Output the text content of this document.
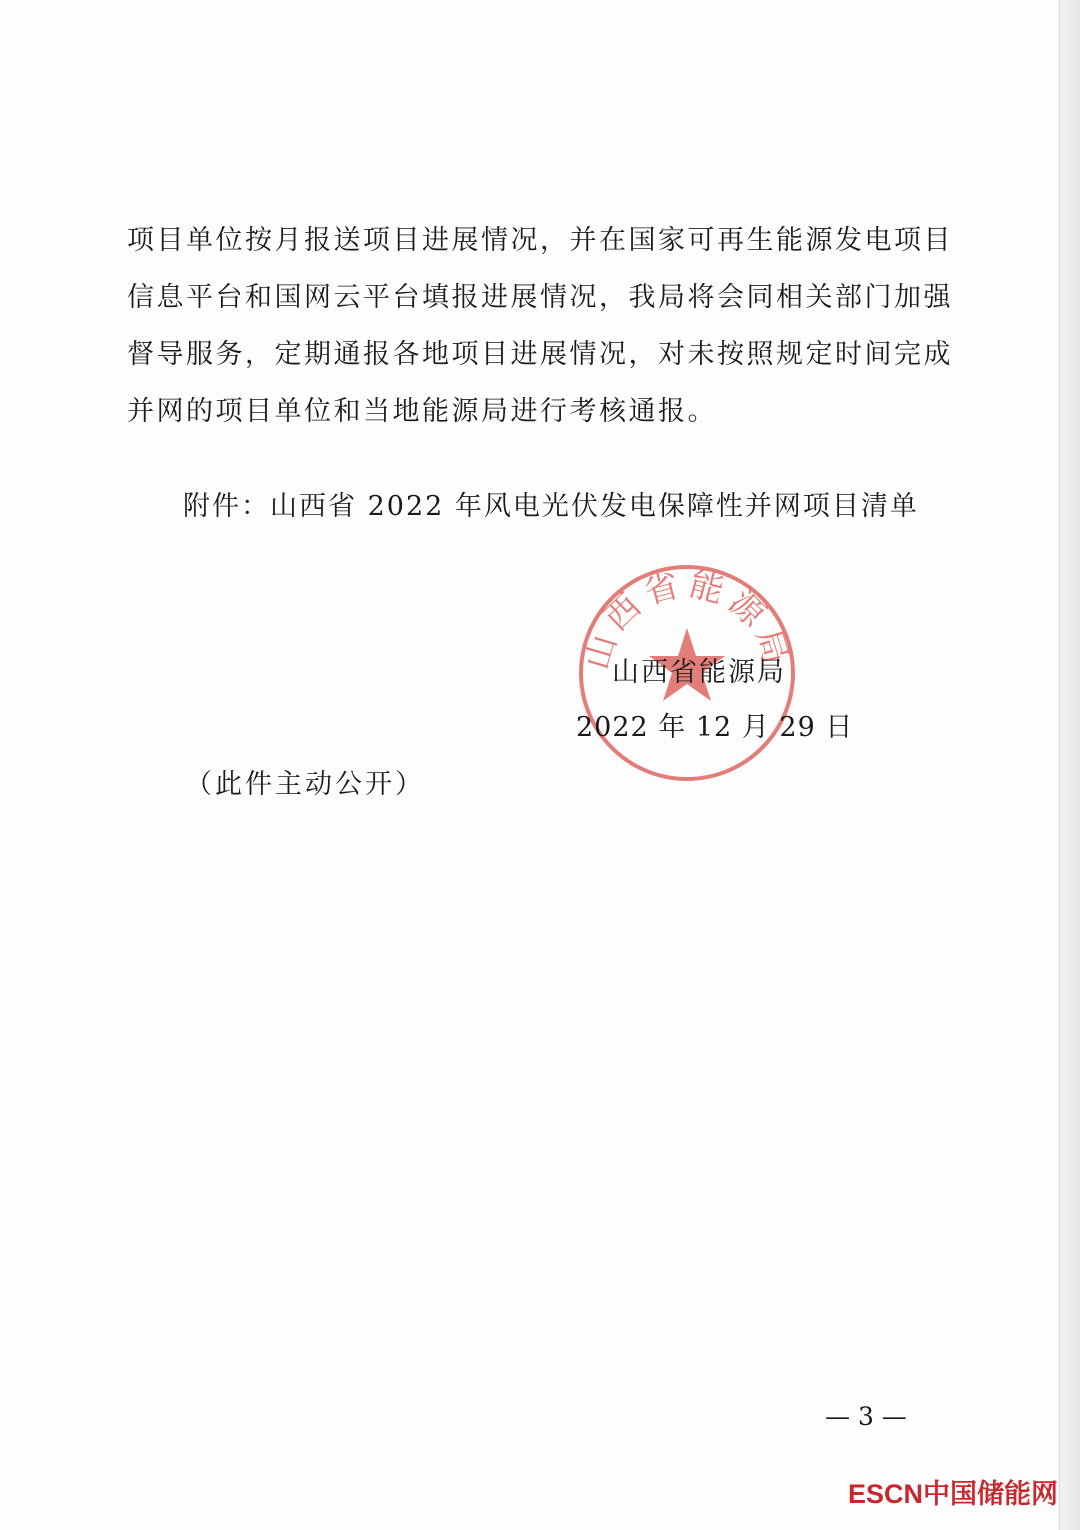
项目单位按月报送项目进展情况，并在国家可再生能源发电项目
信息平台和国网云平台填报进展情况，我局将会同相关部门加强
督导服务，定期通报各地项目进展情况，对未按照规定时间完成
并网的项目单位和当地能源局进行考核通报。
附件：山西省 2022 年风电光伏发电保障性并网项目清单
山西省能源局
山西省能源局
2022 年 12 月 29 日
（此件主动公开）
— 3 —
ESCN中国储能网
